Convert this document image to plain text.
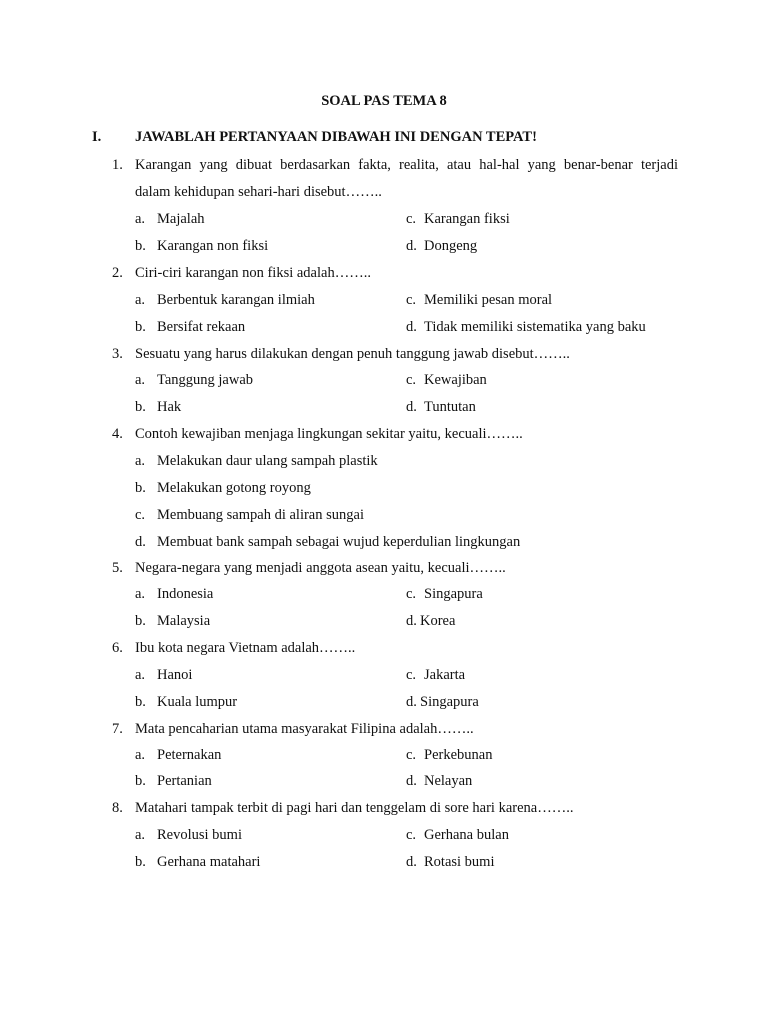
SOAL PAS TEMA 8
I. JAWABLAH PERTANYAAN DIBAWAH INI DENGAN TEPAT!
1. Karangan yang dibuat berdasarkan fakta, realita, atau hal-hal yang benar-benar terjadi
dalam kehidupan sehari-hari disebut……..
a. Majalah	c. Karangan fiksi
b. Karangan non fiksi	d. Dongeng
2. Ciri-ciri karangan non fiksi adalah……..
a. Berbentuk karangan ilmiah	c. Memiliki pesan moral
b. Bersifat rekaan	d. Tidak memiliki sistematika yang baku
3. Sesuatu yang harus dilakukan dengan penuh tanggung jawab disebut……..
a. Tanggung jawab	c. Kewajiban
b. Hak	d. Tuntutan
4. Contoh kewajiban menjaga lingkungan sekitar yaitu, kecuali……..
a. Melakukan daur ulang sampah plastik
b. Melakukan gotong royong
c. Membuang sampah di aliran sungai
d. Membuat bank sampah sebagai wujud keperdulian lingkungan
5. Negara-negara yang menjadi anggota asean yaitu, kecuali……..
a. Indonesia	c. Singapura
b. Malaysia	d. Korea
6. Ibu kota negara Vietnam adalah……..
a. Hanoi	c. Jakarta
b. Kuala lumpur	d. Singapura
7. Mata pencaharian utama masyarakat Filipina adalah……..
a. Peternakan	c. Perkebunan
b. Pertanian	d. Nelayan
8. Matahari tampak terbit di pagi hari dan tenggelam di sore hari karena……..
a. Revolusi bumi	c. Gerhana bulan
b. Gerhana matahari	d. Rotasi bumi
